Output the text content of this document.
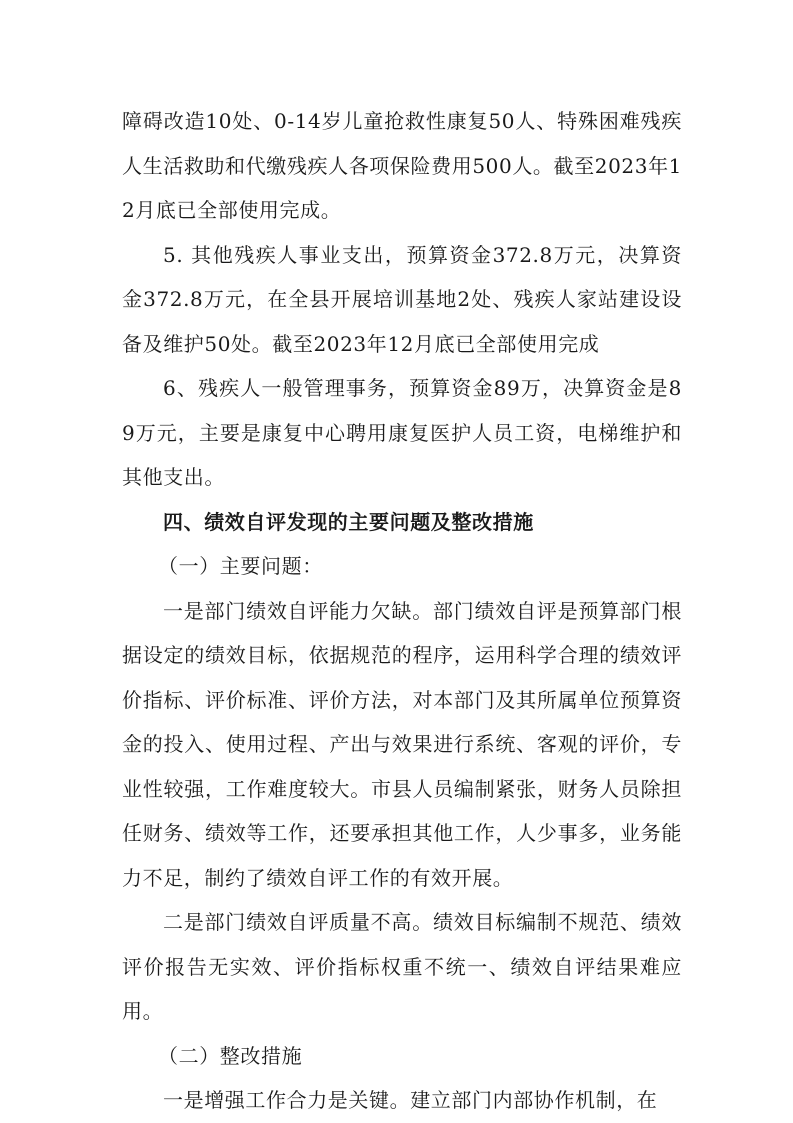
障碍改造10处、0-14岁儿童抢救性康复50人、特殊困难残疾人生活救助和代缴残疾人各项保险费用500人。截至2023年12月底已全部使用完成。

5. 其他残疾人事业支出，预算资金372.8万元，决算资金372.8万元，在全县开展培训基地2处、残疾人家站建设设备及维护50处。截至2023年12月底已全部使用完成

6、残疾人一般管理事务，预算资金89万，决算资金是89万元，主要是康复中心聘用康复医护人员工资，电梯维护和其他支出。

四、绩效自评发现的主要问题及整改措施

（一）主要问题：

一是部门绩效自评能力欠缺。部门绩效自评是预算部门根据设定的绩效目标，依据规范的程序，运用科学合理的绩效评价指标、评价标准、评价方法，对本部门及其所属单位预算资金的投入、使用过程、产出与效果进行系统、客观的评价，专业性较强，工作难度较大。市县人员编制紧张，财务人员除担任财务、绩效等工作，还要承担其他工作，人少事多，业务能力不足，制约了绩效自评工作的有效开展。

二是部门绩效自评质量不高。绩效目标编制不规范、绩效评价报告无实效、评价指标权重不统一、绩效自评结果难应用。

（二）整改措施

一是增强工作合力是关键。建立部门内部协作机制，在
